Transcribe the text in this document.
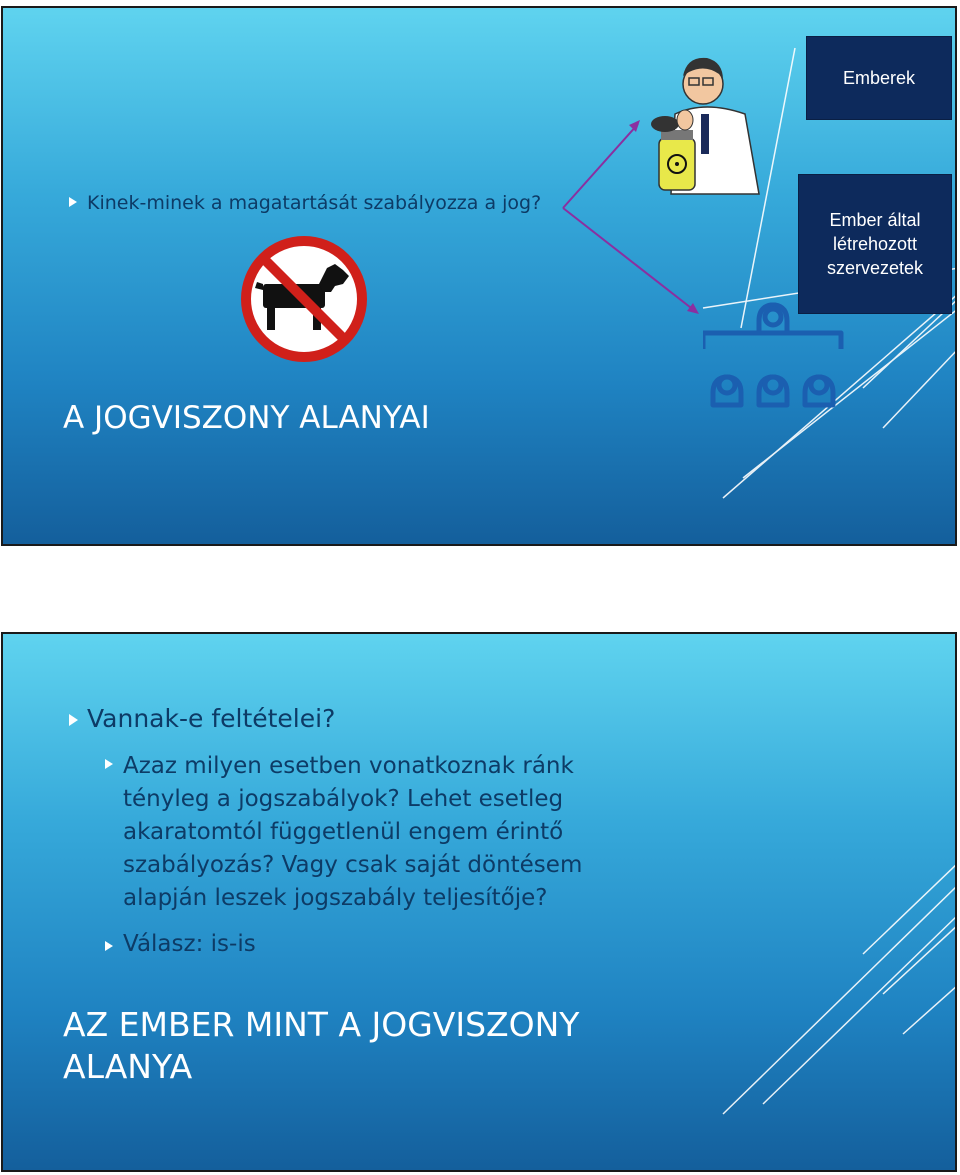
Kinek-minek a magatartását szabályozza a jog?
Emberek
Ember által létrehozott szervezetek
A JOGVISZONY ALANYAI
Vannak-e feltételei?
Azaz milyen esetben vonatkoznak ránk
tényleg a jogszabályok? Lehet esetleg
akaratomtól függetlenül engem érintő
szabályozás? Vagy csak saját döntésem
alapján leszek jogszabály teljesítője?
Válasz: is-is
AZ EMBER MINT A JOGVISZONY
ALANYA
